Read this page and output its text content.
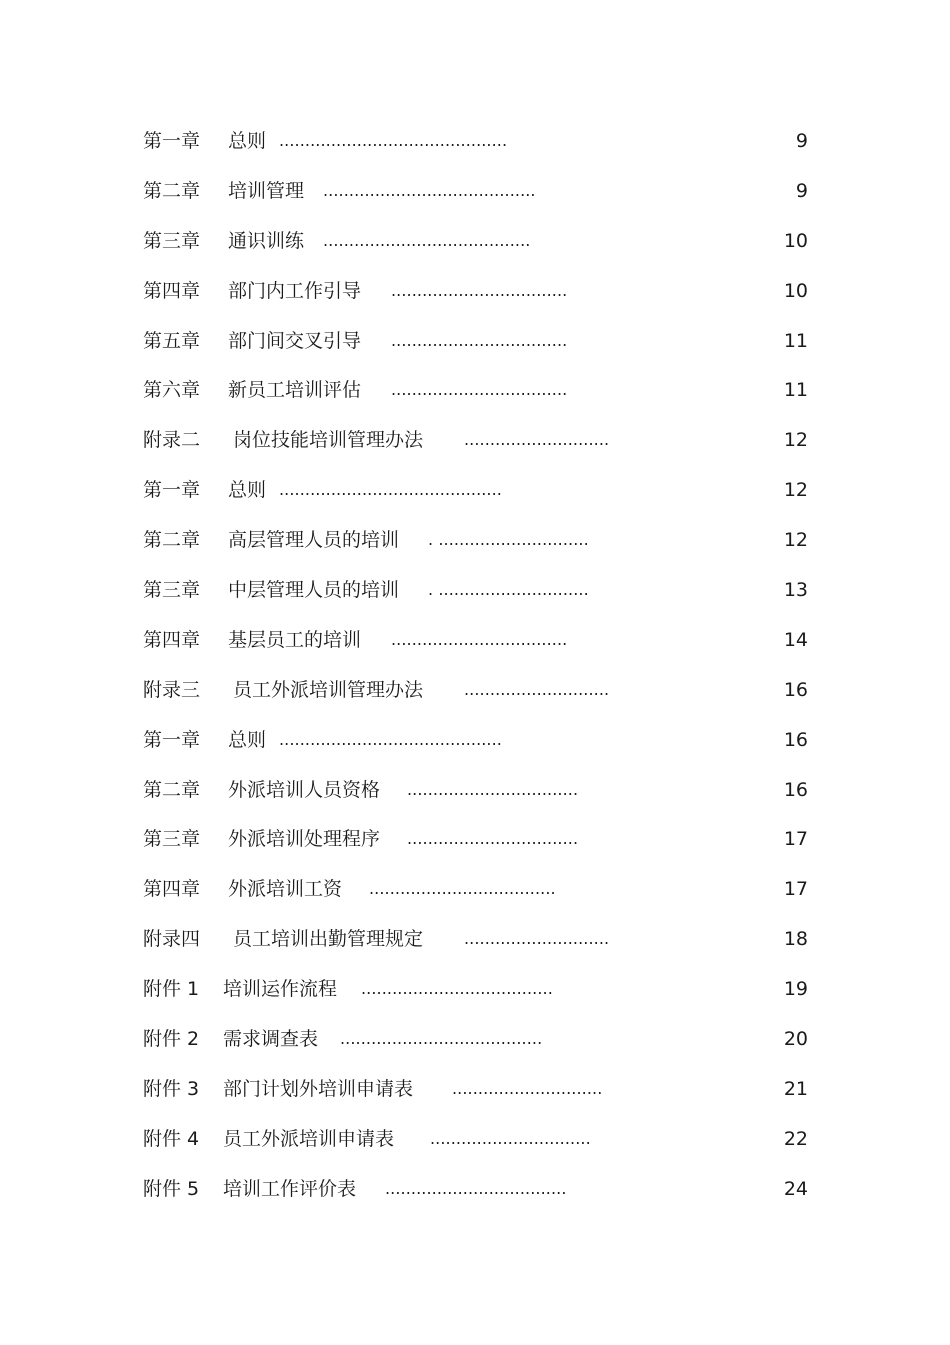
第一章 总则 ............................................	9
第二章 培训管理 .........................................	9
第三章 通识训练 ........................................	10
第四章 部门内工作引导 ..................................	10
第五章 部门间交叉引导 ..................................	11
第六章 新员工培训评估 ..................................	11
附录二 岗位技能培训管理办法	............................	12
第一章 总则 ...........................................	12
第二章 高层管理人员的培训 . .............................	12
第三章 中层管理人员的培训 . .............................	13
第四章 基层员工的培训 ..................................	14
附录三 员工外派培训管理办法	............................	16
第一章 总则 ...........................................	16
第二章 外派培训人员资格 .................................	16
第三章 外派培训处理程序 .................................	17
第四章 外派培训工资 ....................................	17
附录四 员工培训出勤管理规定	............................	18
附件 1 培训运作流程 .....................................	19
附件 2 需求调查表 .......................................	20
附件 3 部门计划外培训申请表 .............................	21
附件 4 员工外派培训申请表 ...............................	22
附件 5 培训工作评价表 ...................................	24
